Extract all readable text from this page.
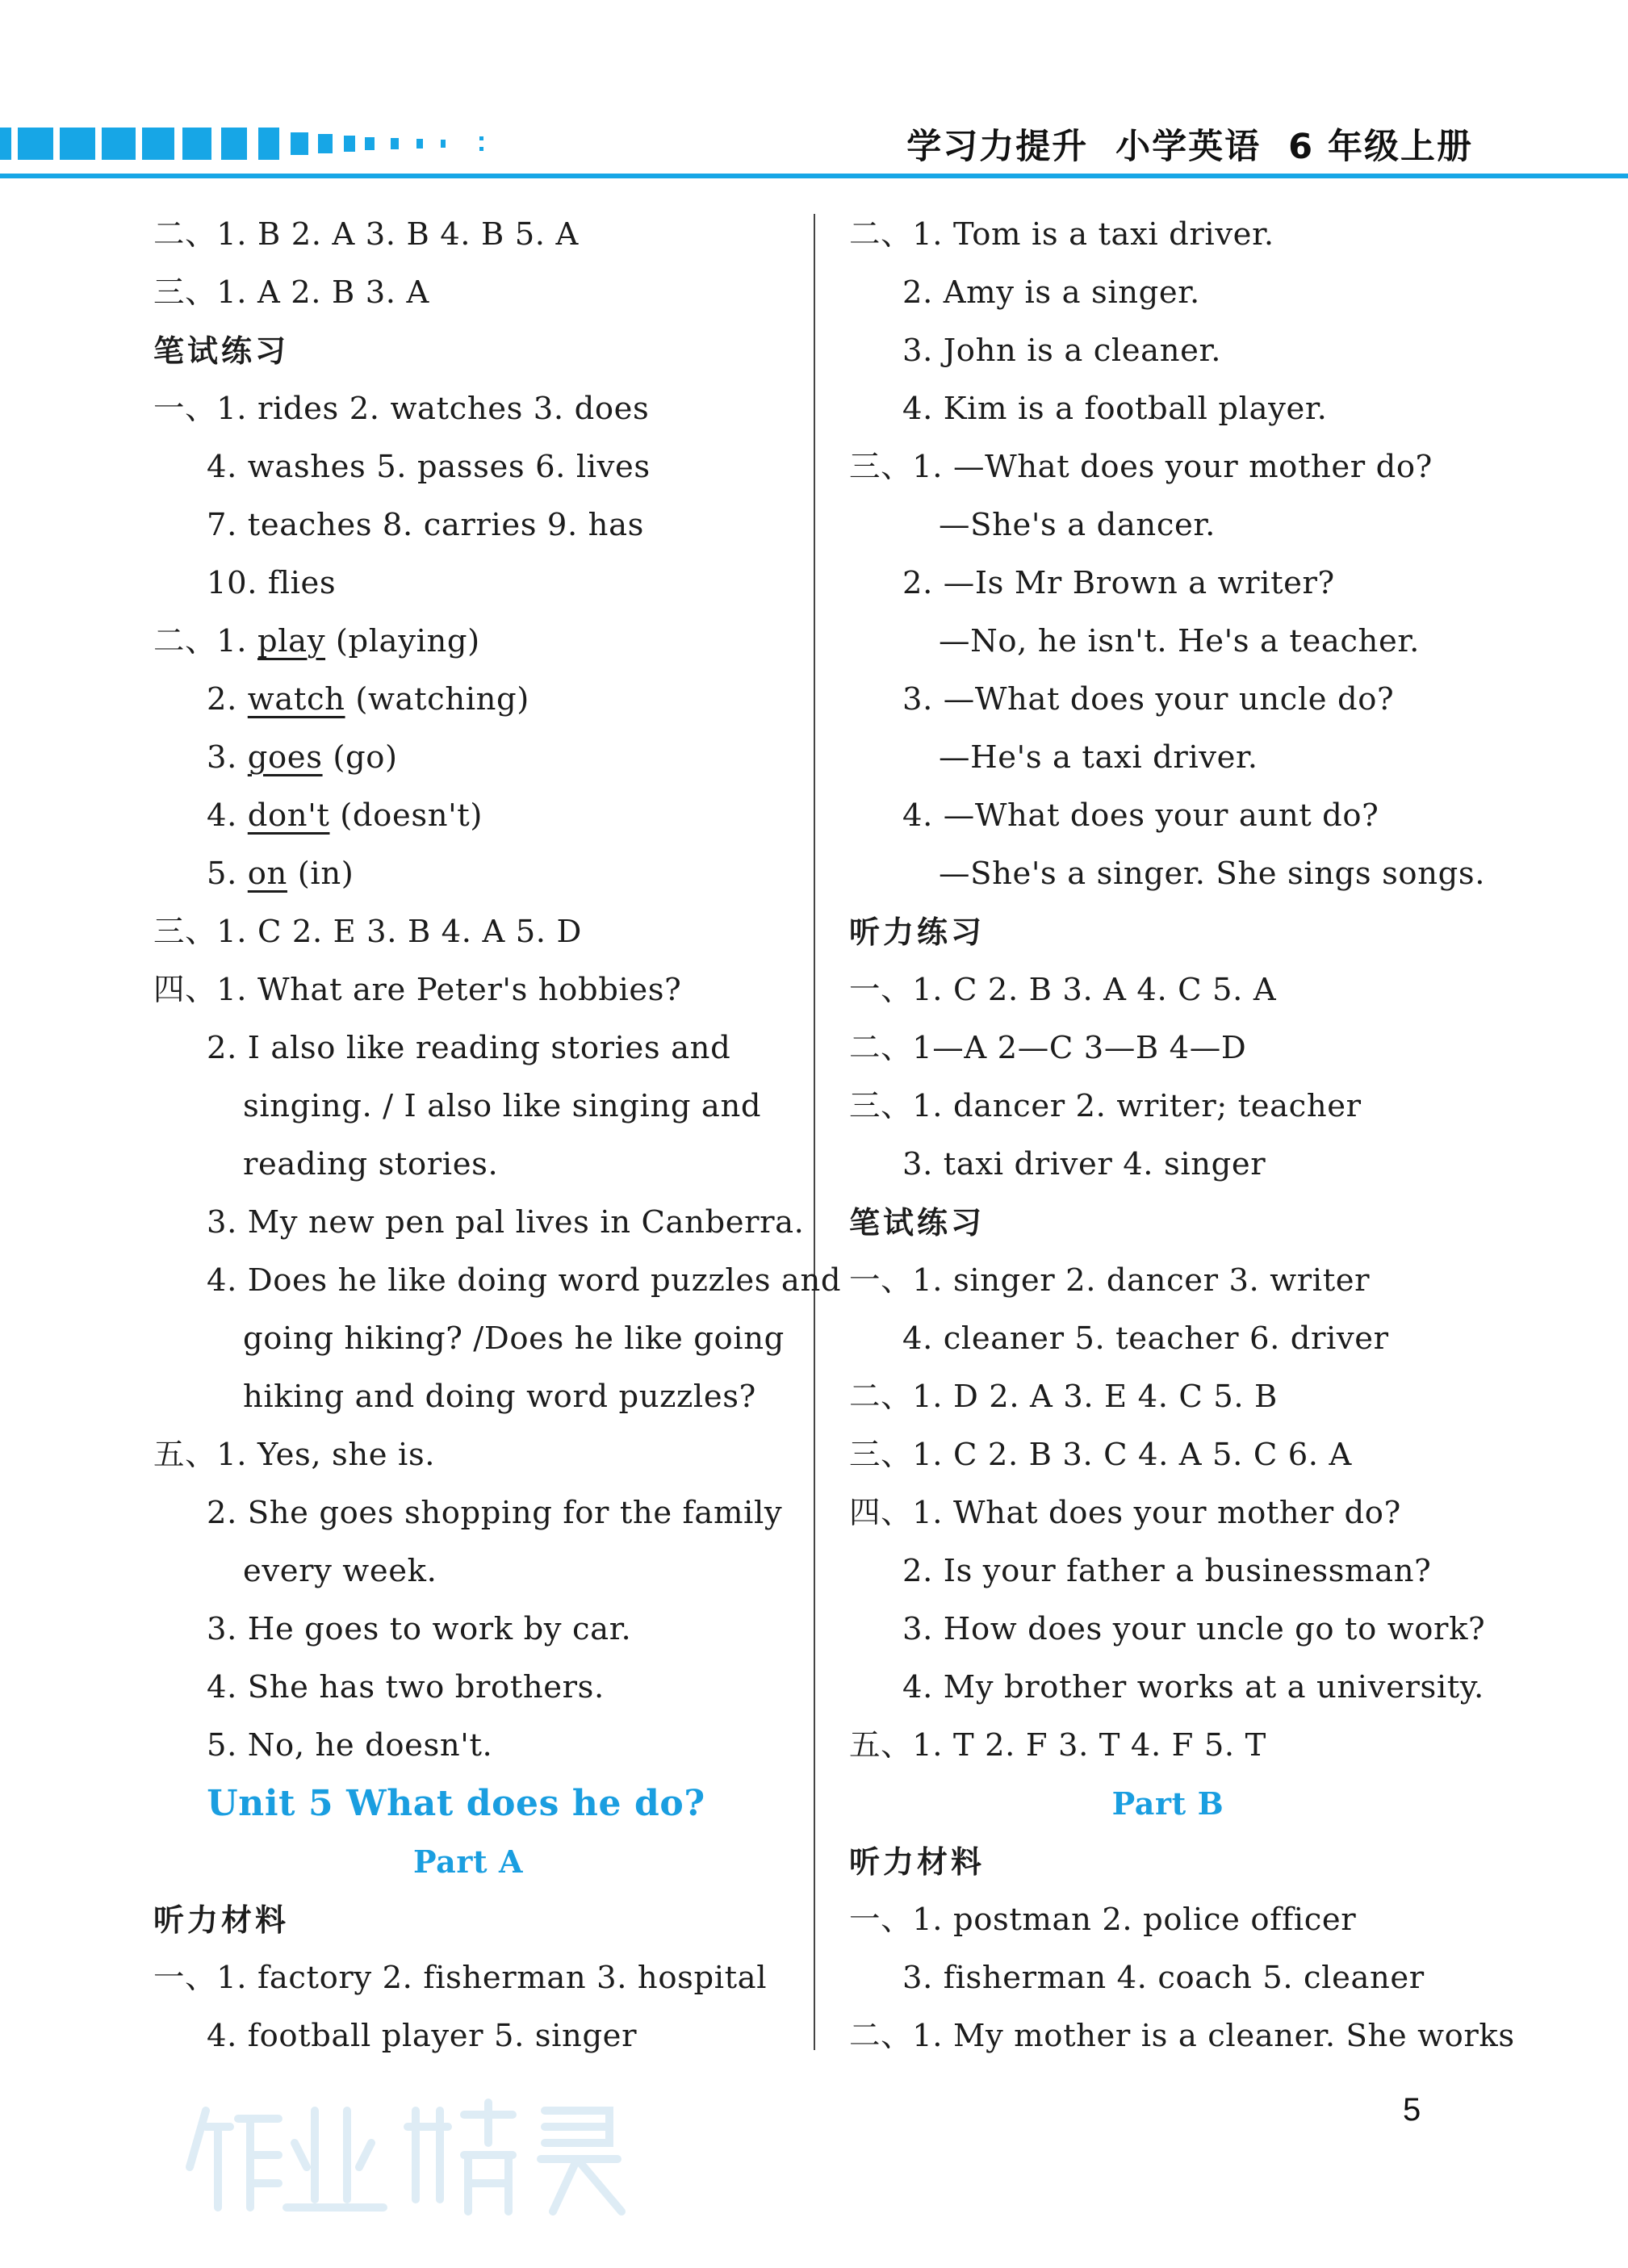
学习力提升  小学英语  6 年级上册
二、1. B 2. A 3. B 4. B 5. A
三、1. A 2. B 3. A
笔试练习
一、1. rides 2. watches 3. does
4. washes 5. passes 6. lives
7. teaches 8. carries 9. has
10. flies
二、1. play (playing)
2. watch (watching)
3. goes (go)
4. don't (doesn't)
5. on (in)
三、1. C 2. E 3. B 4. A 5. D
四、1. What are Peter's hobbies?
2. I also like reading stories and
singing. / I also like singing and
reading stories.
3. My new pen pal lives in Canberra.
4. Does he like doing word puzzles and
going hiking? /Does he like going
hiking and doing word puzzles?
五、1. Yes, she is.
2. She goes shopping for the family
every week.
3. He goes to work by car.
4. She has two brothers.
5. No, he doesn't.
Unit 5 What does he do?
Part A
听力材料
一、1. factory 2. fisherman 3. hospital
4. football player 5. singer
二、1. Tom is a taxi driver.
2. Amy is a singer.
3. John is a cleaner.
4. Kim is a football player.
三、1. —What does your mother do?
—She's a dancer.
2. —Is Mr Brown a writer?
—No, he isn't. He's a teacher.
3. —What does your uncle do?
—He's a taxi driver.
4. —What does your aunt do?
—She's a singer. She sings songs.
听力练习
一、1. C 2. B 3. A 4. C 5. A
二、1—A 2—C 3—B 4—D
三、1. dancer 2. writer; teacher
3. taxi driver 4. singer
笔试练习
一、1. singer 2. dancer 3. writer
4. cleaner 5. teacher 6. driver
二、1. D 2. A 3. E 4. C 5. B
三、1. C 2. B 3. C 4. A 5. C 6. A
四、1. What does your mother do?
2. Is your father a businessman?
3. How does your uncle go to work?
4. My brother works at a university.
五、1. T 2. F 3. T 4. F 5. T
Part B
听力材料
一、1. postman 2. police officer
3. fisherman 4. coach 5. cleaner
二、1. My mother is a cleaner. She works
5
